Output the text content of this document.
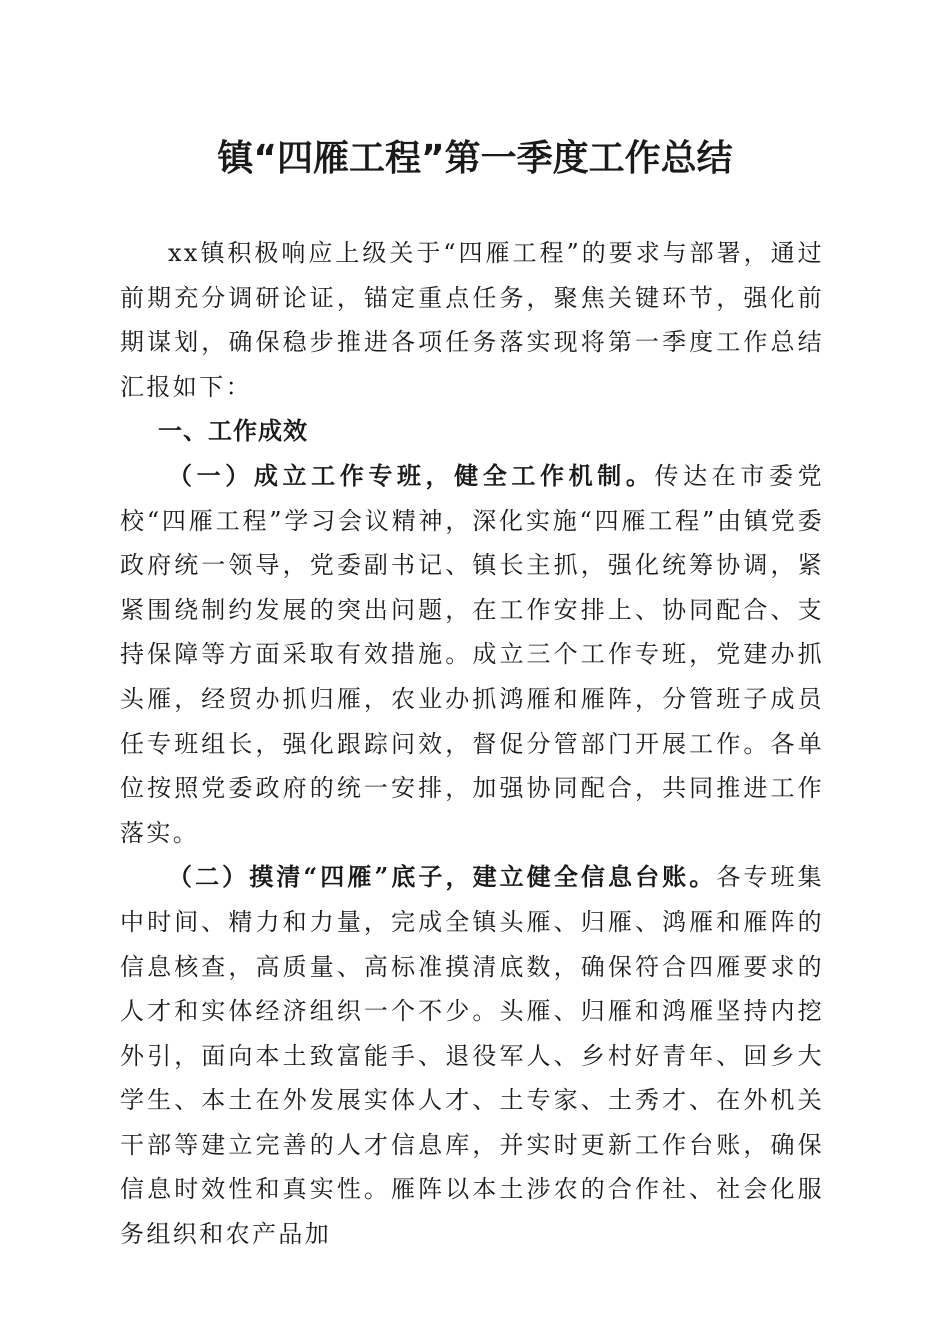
镇“四雁工程”第一季度工作总结

xx镇积极响应上级关于“四雁工程”的要求与部署，通过前期充分调研论证，锚定重点任务，聚焦关键环节，强化前期谋划，确保稳步推进各项任务落实现将第一季度工作总结汇报如下：

一、工作成效

（一）成立工作专班，健全工作机制。传达在市委党校“四雁工程”学习会议精神，深化实施“四雁工程”由镇党委政府统一领导，党委副书记、镇长主抓，强化统筹协调，紧紧围绕制约发展的突出问题，在工作安排上、协同配合、支持保障等方面采取有效措施。成立三个工作专班，党建办抓头雁，经贸办抓归雁，农业办抓鸿雁和雁阵，分管班子成员任专班组长，强化跟踪问效，督促分管部门开展工作。各单位按照党委政府的统一安排，加强协同配合，共同推进工作落实。

（二）摸清“四雁”底子，建立健全信息台账。各专班集中时间、精力和力量，完成全镇头雁、归雁、鸿雁和雁阵的信息核查，高质量、高标准摸清底数，确保符合四雁要求的人才和实体经济组织一个不少。头雁、归雁和鸿雁坚持内挖外引，面向本土致富能手、退役军人、乡村好青年、回乡大学生、本土在外发展实体人才、土专家、土秀才、在外机关干部等建立完善的人才信息库，并实时更新工作台账，确保信息时效性和真实性。雁阵以本土涉农的合作社、社会化服务组织和农产品加
